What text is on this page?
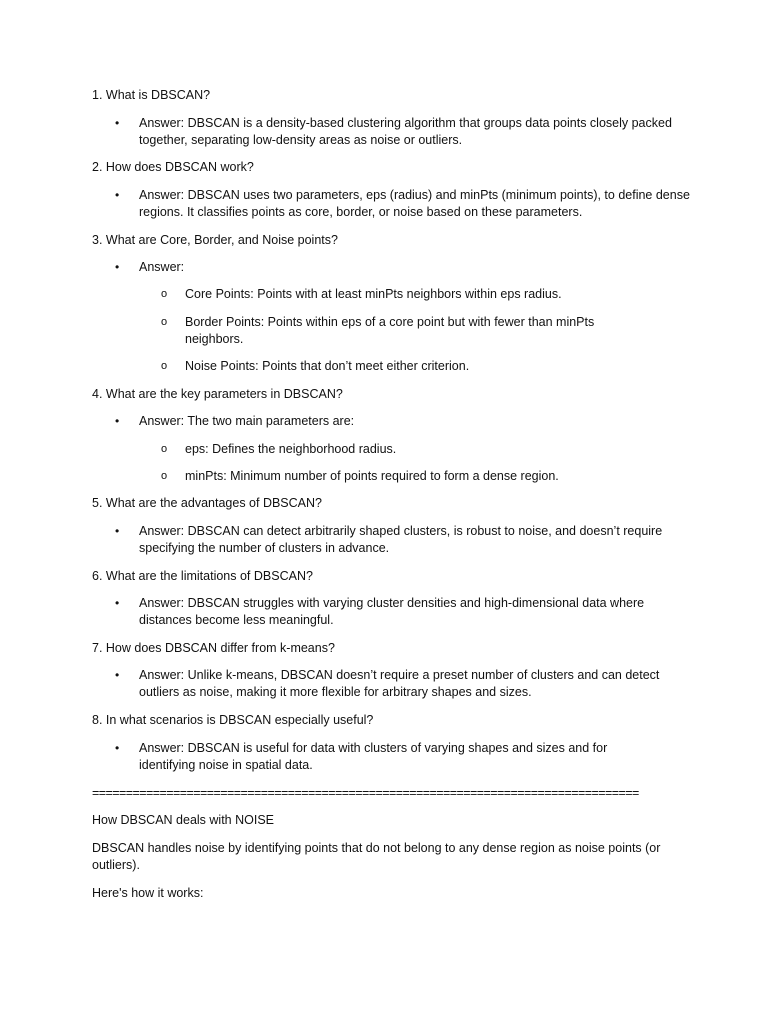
1. What is DBSCAN?
•	Answer: DBSCAN is a density-based clustering algorithm that groups data points closely packed together, separating low-density areas as noise or outliers.
2. How does DBSCAN work?
•	Answer: DBSCAN uses two parameters, eps (radius) and minPts (minimum points), to define dense regions. It classifies points as core, border, or noise based on these parameters.
3. What are Core, Border, and Noise points?
•	Answer:
o	Core Points: Points with at least minPts neighbors within eps radius.
o	Border Points: Points within eps of a core point but with fewer than minPts neighbors.
o	Noise Points: Points that don’t meet either criterion.
4. What are the key parameters in DBSCAN?
•	Answer: The two main parameters are:
o	eps: Defines the neighborhood radius.
o	minPts: Minimum number of points required to form a dense region.
5. What are the advantages of DBSCAN?
•	Answer: DBSCAN can detect arbitrarily shaped clusters, is robust to noise, and doesn’t require specifying the number of clusters in advance.
6. What are the limitations of DBSCAN?
•	Answer: DBSCAN struggles with varying cluster densities and high-dimensional data where distances become less meaningful.
7. How does DBSCAN differ from k-means?
•	Answer: Unlike k-means, DBSCAN doesn’t require a preset number of clusters and can detect outliers as noise, making it more flexible for arbitrary shapes and sizes.
8. In what scenarios is DBSCAN especially useful?
•	Answer: DBSCAN is useful for data with clusters of varying shapes and sizes and for identifying noise in spatial data.
=================================================================================
How DBSCAN deals with NOISE
DBSCAN handles noise by identifying points that do not belong to any dense region as noise points (or outliers).
Here's how it works:
